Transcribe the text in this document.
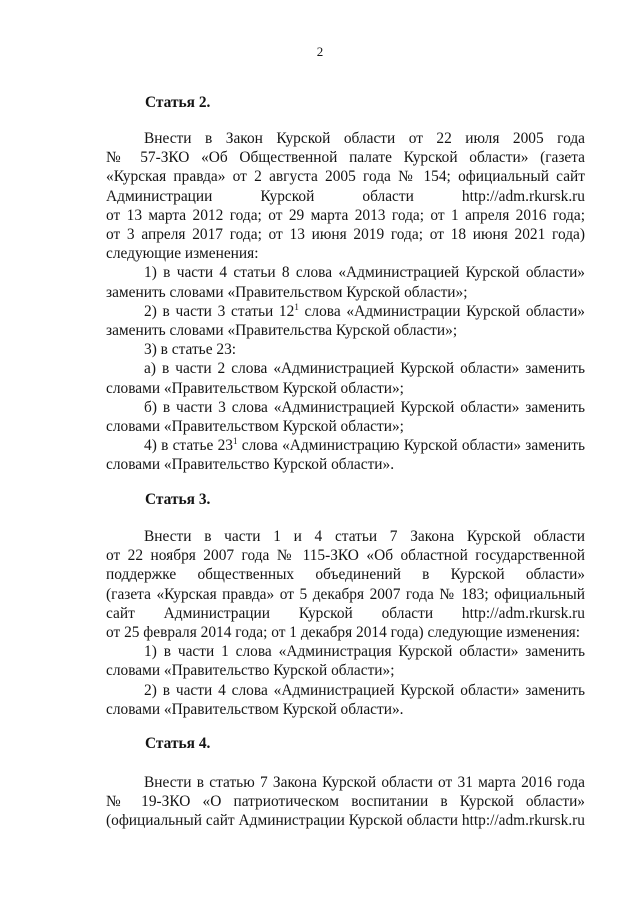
2
Статья 2.
Внести в Закон Курской области от 22 июля 2005 года
№ 57-ЗКО «Об Общественной палате Курской области» (газета
«Курская правда» от 2 августа 2005 года № 154; официальный сайт
Администрации Курской области http://adm.rkursk.ru
от 13 марта 2012 года; от 29 марта 2013 года; от 1 апреля 2016 года;
от 3 апреля 2017 года; от 13 июня 2019 года; от 18 июня 2021 года)
следующие изменения:
1) в части 4 статьи 8 слова «Администрацией Курской области»
заменить словами «Правительством Курской области»;
2) в части 3 статьи $12^1$ слова «Администрации Курской области»
заменить словами «Правительства Курской области»;
3) в статье 23:
а) в части 2 слова «Администрацией Курской области» заменить
словами «Правительством Курской области»;
б) в части 3 слова «Администрацией Курской области» заменить
словами «Правительством Курской области»;
4) в статье $23^1$ слова «Администрацию Курской области» заменить
словами «Правительство Курской области».
Статья 3.
Внести в части 1 и 4 статьи 7 Закона Курской области
от 22 ноября 2007 года № 115-ЗКО «Об областной государственной
поддержке общественных объединений в Курской области»
(газета «Курская правда» от 5 декабря 2007 года № 183; официальный
сайт Администрации Курской области http://adm.rkursk.ru
от 25 февраля 2014 года; от 1 декабря 2014 года) следующие изменения:
1) в части 1 слова «Администрация Курской области» заменить
словами «Правительство Курской области»;
2) в части 4 слова «Администрацией Курской области» заменить
словами «Правительством Курской области».
Статья 4.
Внести в статью 7 Закона Курской области от 31 марта 2016 года
№ 19-ЗКО «О патриотическом воспитании в Курской области»
(официальный сайт Администрации Курской области http://adm.rkursk.ru
